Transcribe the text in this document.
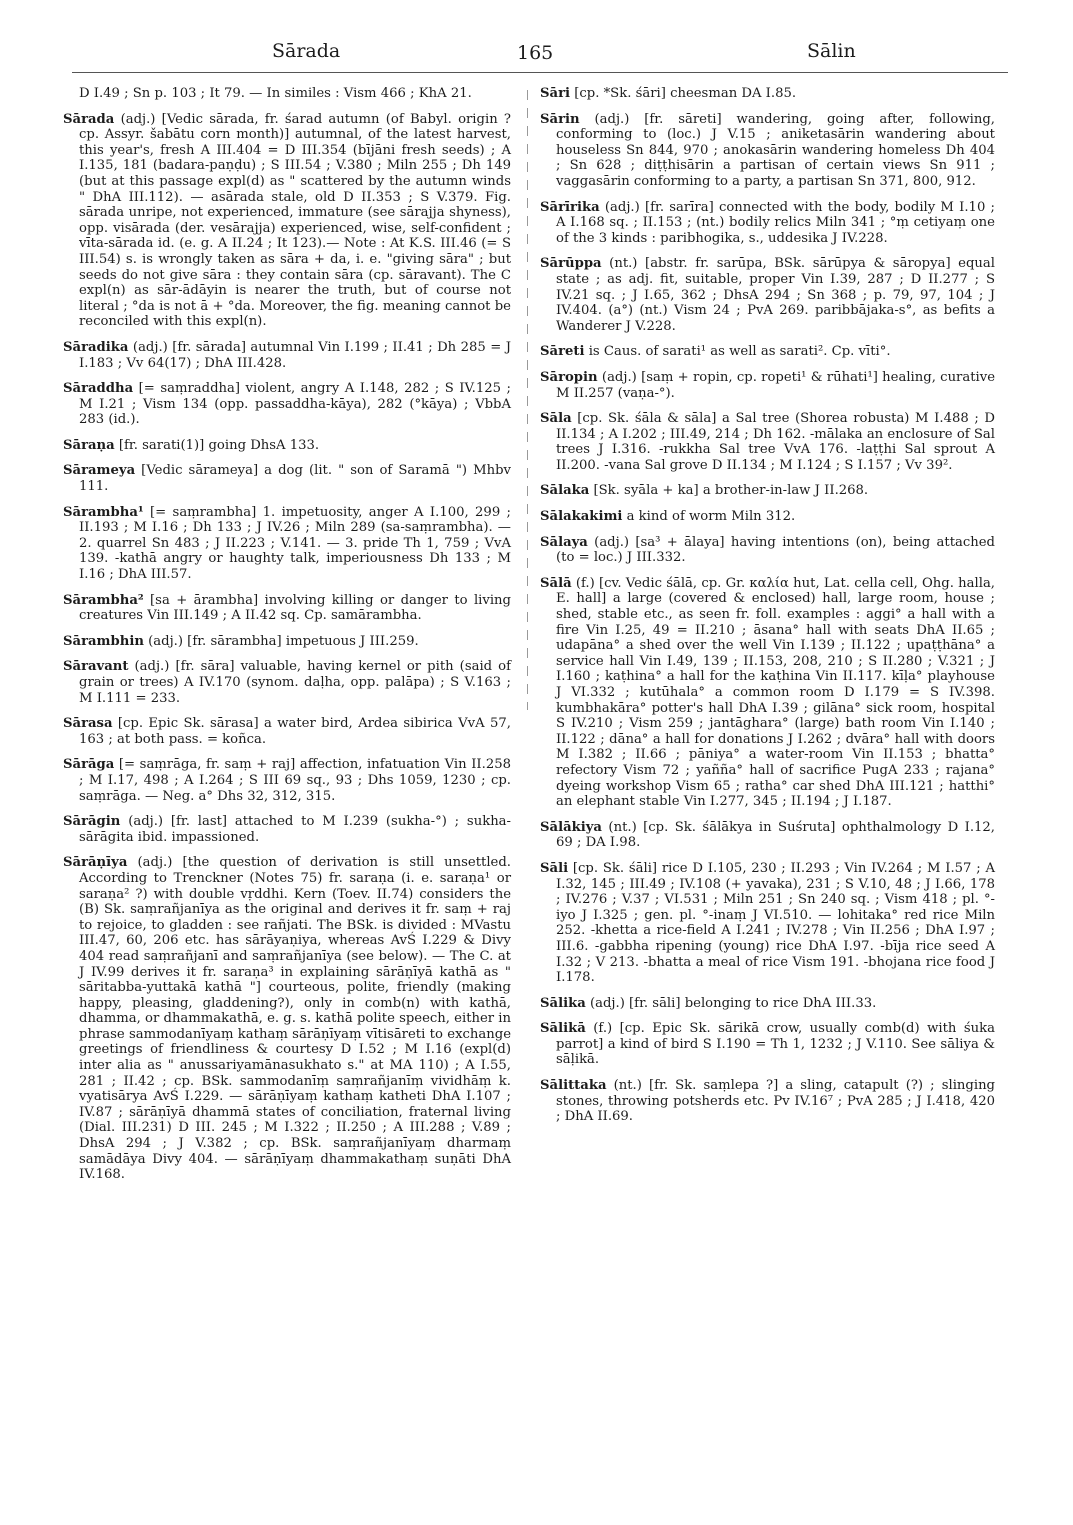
Sārada	165	Sālin

D I.49 ; Sn p. 103 ; It 79. — In similes : Vism 466 ; KhA 21.

Sārada (adj.) [Vedic sārada, fr. śarad autumn (of Babyl. origin ? cp. Assyr. šabātu corn month)] autumnal, of the latest harvest, this year's, fresh A III.404 = D III.354 (bījāni fresh seeds) ; A I.135, 181 (badara-paṇḍu) ; S III.54 ; V.380 ; Miln 255 ; Dh 149 (but at this passage expl(d) as " scattered by the autumn winds " DhA III.112). — asārada stale, old D II.353 ; S V.379. Fig. sārada unripe, not experienced, immature (see sārajja shyness), opp. visārada (der. vesārajja) experienced, wise, self-confident ; vīta-sārada id. (e. g. A II.24 ; It 123).— Note : At K.S. III.46 (= S III.54) s. is wrongly taken as sāra + da, i. e. "giving sāra" ; but seeds do not give sāra : they contain sāra (cp. sāravant). The C expl(n) as sār-ādāyin is nearer the truth, but of course not literal ; °da is not ā + °da. Moreover, the fig. meaning cannot be reconciled with this expl(n).

Sāradika (adj.) [fr. sārada] autumnal Vin I.199 ; II.41 ; Dh 285 = J I.183 ; Vv 64(17) ; DhA III.428.

Sāraddha [= saṃraddha] violent, angry A I.148, 282 ; S IV.125 ; M I.21 ; Vism 134 (opp. passaddha-kāya), 282 (°kāya) ; VbbA 283 (id.).

Sāraṇa [fr. sarati(1)] going DhsA 133.

Sārameya [Vedic sārameya] a dog (lit. " son of Saramā ") Mhbv 111.

Sārambha¹ [= saṃrambha] 1. impetuosity, anger A I.100, 299 ; II.193 ; M I.16 ; Dh 133 ; J IV.26 ; Miln 289 (sa-saṃrambha). — 2. quarrel Sn 483 ; J II.223 ; V.141. — 3. pride Th 1, 759 ; VvA 139. -kathā angry or haughty talk, imperiousness Dh 133 ; M I.16 ; DhA III.57.

Sārambha² [sa + ārambha] involving killing or danger to living creatures Vin III.149 ; A II.42 sq. Cp. samārambha.

Sārambhin (adj.) [fr. sārambha] impetuous J III.259.

Sāravant (adj.) [fr. sāra] valuable, having kernel or pith (said of grain or trees) A IV.170 (synom. daḷha, opp. palāpa) ; S V.163 ; M I.111 = 233.

Sārasa [cp. Epic Sk. sārasa] a water bird, Ardea sibirica VvA 57, 163 ; at both pass. = koñca.

Sārāga [= saṃrāga, fr. saṃ + raj] affection, infatuation Vin II.258 ; M I.17, 498 ; A I.264 ; S III 69 sq., 93 ; Dhs 1059, 1230 ; cp. saṃrāga. — Neg. a° Dhs 32, 312, 315.

Sārāgin (adj.) [fr. last] attached to M I.239 (sukha-°) ; sukha-sārāgita ibid. impassioned.

Sārāṇīya (adj.) [the question of derivation is still unsettled. According to Trenckner (Notes 75) fr. saraṇa (i. e. saraṇa¹ or saraṇa² ?) with double vṛddhi. Kern (Toev. II.74) considers the (B) Sk. saṃrañjanīya as the original and derives it fr. saṃ + raj to rejoice, to gladden : see rañjati. The BSk. is divided : MVastu III.47, 60, 206 etc. has sārāyaṇiya, whereas AvŚ I.229 & Divy 404 read saṃrañjanī and saṃrañjanīya (see below). — The C. at J IV.99 derives it fr. saraṇa³ in explaining sārāṇīyā kathā as " sāritabba-yuttakā kathā "] courteous, polite, friendly (making happy, pleasing, gladdening?), only in comb(n) with kathā, dhamma, or dhammakathā, e. g. s. kathā polite speech, either in phrase sammodanīyaṃ kathaṃ sārāṇīyaṃ vītisāreti to exchange greetings of friendliness & courtesy D I.52 ; M I.16 (expl(d) inter alia as " anussariyamānasukhato s." at MA 110) ; A I.55, 281 ; II.42 ; cp. BSk. sammodanīṃ saṃrañjanīṃ vividhāṃ k. vyatisārya AvŚ I.229. — sārāṇīyaṃ kathaṃ katheti DhA I.107 ; IV.87 ; sārāṇīyā dhammā states of conciliation, fraternal living (Dial. III.231) D III. 245 ; M I.322 ; II.250 ; A III.288 ; V.89 ; DhsA 294 ; J V.382 ; cp. BSk. saṃrañjanīyaṃ dharmaṃ samādāya Divy 404. — sārāṇīyaṃ dhammakathaṃ suṇāti DhA IV.168.

Sāri [cp. *Sk. śāri] cheesman DA I.85.

Sārin (adj.) [fr. sāreti] wandering, going after, following, conforming to (loc.) J V.15 ; aniketasārin wandering about houseless Sn 844, 970 ; anokasārin wandering homeless Dh 404 ; Sn 628 ; diṭṭhisārin a partisan of certain views Sn 911 ; vaggasārin conforming to a party, a partisan Sn 371, 800, 912.

Sārīrika (adj.) [fr. sarīra] connected with the body, bodily M I.10 ; A I.168 sq. ; II.153 ; (nt.) bodily relics Miln 341 ; °ṃ cetiyaṃ one of the 3 kinds : paribhogika, s., uddesika J IV.228.

Sārūppa (nt.) [abstr. fr. sarūpa, BSk. sārūpya & sāropya] equal state ; as adj. fit, suitable, proper Vin I.39, 287 ; D II.277 ; S IV.21 sq. ; J I.65, 362 ; DhsA 294 ; Sn 368 ; p. 79, 97, 104 ; J IV.404. (a°) (nt.) Vism 24 ; PvA 269. paribbājaka-s°, as befits a Wanderer J V.228.

Sāreti is Caus. of sarati¹ as well as sarati². Cp. vīti°.

Sāropin (adj.) [saṃ + ropin, cp. ropeti¹ & rūhati¹] healing, curative M II.257 (vaṇa-°).

Sāla [cp. Sk. śāla & sāla] a Sal tree (Shorea robusta) M I.488 ; D II.134 ; A I.202 ; III.49, 214 ; Dh 162. -mālaka an enclosure of Sal trees J I.316. -rukkha Sal tree VvA 176. -laṭṭhi Sal sprout A II.200. -vana Sal grove D II.134 ; M I.124 ; S I.157 ; Vv 39².

Sālaka [Sk. syāla + ka] a brother-in-law J II.268.

Sālakakimi a kind of worm Miln 312.

Sālaya (adj.) [sa³ + ālaya] having intentions (on), being attached (to = loc.) J III.332.

Sālā (f.) [cv. Vedic śālā, cp. Gr. καλία hut, Lat. cella cell, Ohg. halla, E. hall] a large (covered & enclosed) hall, large room, house ; shed, stable etc., as seen fr. foll. examples : aggi° a hall with a fire Vin I.25, 49 = II.210 ; āsana° hall with seats DhA II.65 ; udapāna° a shed over the well Vin I.139 ; II.122 ; upaṭṭhāna° a service hall Vin I.49, 139 ; II.153, 208, 210 ; S II.280 ; V.321 ; J I.160 ; kaṭhina° a hall for the kaṭhina Vin II.117. kīḷa° playhouse J VI.332 ; kutūhala° a common room D I.179 = S IV.398. kumbhakāra° potter's hall DhA I.39 ; gilāna° sick room, hospital S IV.210 ; Vism 259 ; jantāghara° (large) bath room Vin I.140 ; II.122 ; dāna° a hall for donations J I.262 ; dvāra° hall with doors M I.382 ; II.66 ; pāniya° a water-room Vin II.153 ; bhatta° refectory Vism 72 ; yañña° hall of sacrifice PugA 233 ; rajana° dyeing workshop Vism 65 ; ratha° car shed DhA III.121 ; hatthi° an elephant stable Vin I.277, 345 ; II.194 ; J I.187.

Sālākiya (nt.) [cp. Sk. śālākya in Suśruta] ophthalmology D I.12, 69 ; DA I.98.

Sāli [cp. Sk. śāli] rice D I.105, 230 ; II.293 ; Vin IV.264 ; M I.57 ; A I.32, 145 ; III.49 ; IV.108 (+ yavaka), 231 ; S V.10, 48 ; J I.66, 178 ; IV.276 ; V.37 ; VI.531 ; Miln 251 ; Sn 240 sq. ; Vism 418 ; pl. °-iyo J I.325 ; gen. pl. °-inaṃ J VI.510. — lohitaka° red rice Miln 252. -khetta a rice-field A I.241 ; IV.278 ; Vin II.256 ; DhA I.97 ; III.6. -gabbha ripening (young) rice DhA I.97. -bīja rice seed A I.32 ; V 213. -bhatta a meal of rice Vism 191. -bhojana rice food J I.178.

Sālika (adj.) [fr. sāli] belonging to rice DhA III.33.

Sālikā (f.) [cp. Epic Sk. sārikā crow, usually comb(d) with śuka parrot] a kind of bird S I.190 = Th 1, 1232 ; J V.110. See sāliya & sāḷikā.

Sālittaka (nt.) [fr. Sk. saṃlepa ?] a sling, catapult (?) ; slinging stones, throwing potsherds etc. Pv IV.16⁷ ; PvA 285 ; J I.418, 420 ; DhA II.69.
